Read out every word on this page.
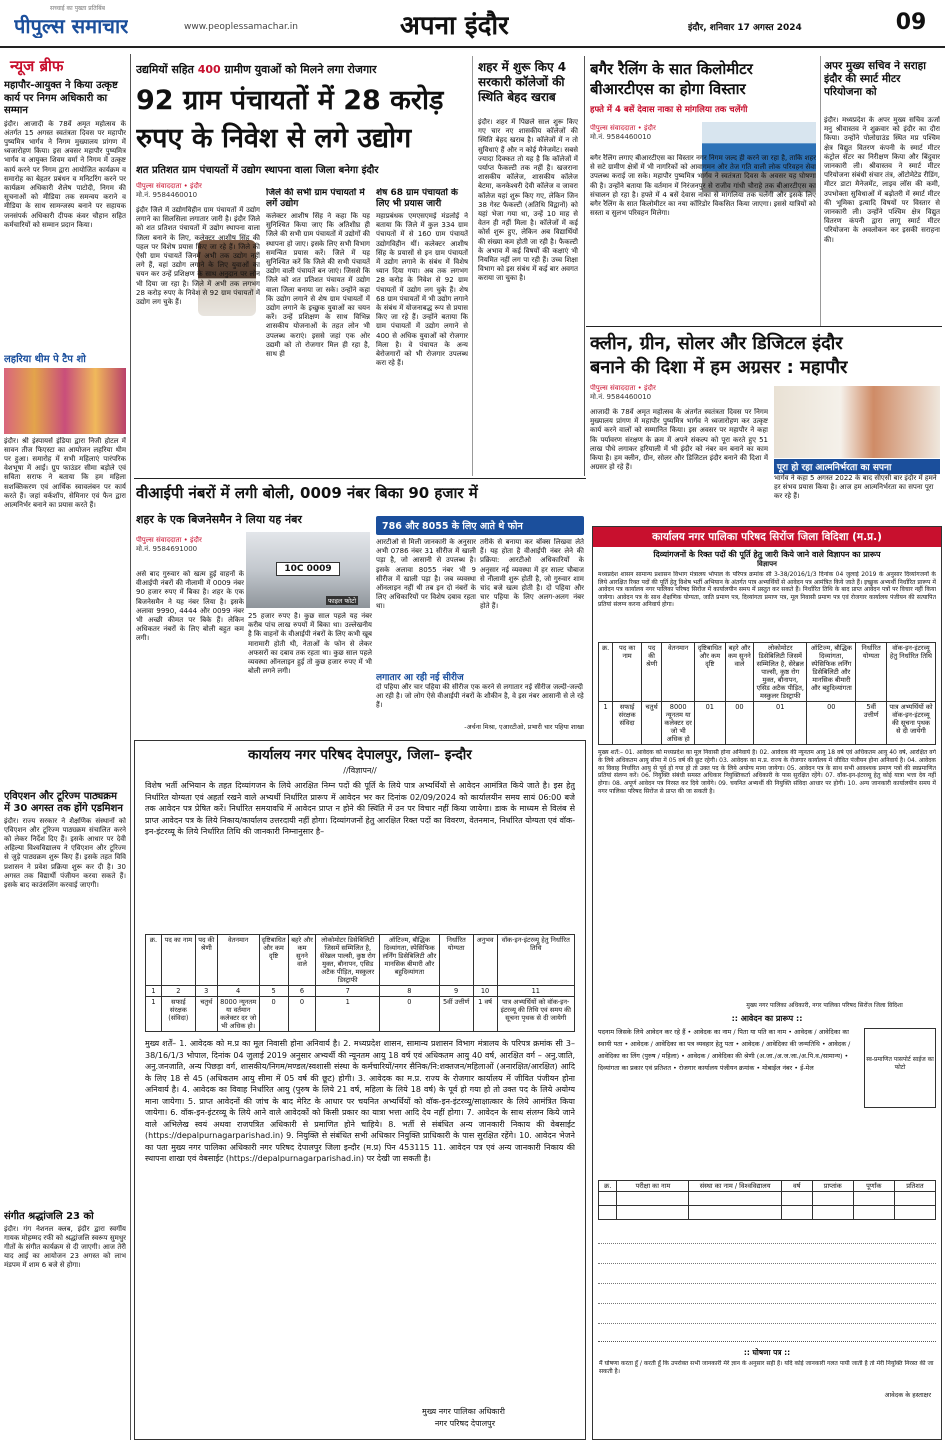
सच्चाई का पुख्ता प्रतिबिंब
पीपुल्स समाचार	www.peoplessamachar.in	अपना इंदौर	इंदौर, शनिवार 17 अगस्त 2024	09
न्यूज ब्रीफ
महापौर-आयुक्त ने किया उत्कृष्ट कार्य पर निगम अधिकारी का सम्मान
इंदौर। आजादी के 78वें अमृत महोत्सव के अंतर्गत 15 अगस्त स्वतंत्रता दिवस पर महापौर पुष्यमित्र भार्गव ने निगम मुख्यालय प्रांगण में ध्वजारोहण किया। इस अवसर महापौर पुष्यमित्र भार्गव व आयुक्त शिवम वर्मा ने निगम में उत्कृष्ट कार्य करने पर निगम द्वारा आयोजित कार्यक्रम व समारोह का बेहतर प्रबंधन व मनिटरिंग करने पर कार्यक्रम अधिकारी शैलेष पाटोदी, निगम की सूचनाओं को मीडिया तक समन्वय कराने व मीडिया के साथ सामन्जस्य बनाने पर सहायक जनसंपर्क अधिकारी दीपक कंवर चौहान सहित कर्मचारियों को सम्मान प्रदान किया।
लहरिया थीम पे टैप शो
इंदौर। श्री इंस्पायर्स इंडिया द्वारा निजी होटल में सावन तीज फिएस्टा का आयोजन लहरिया थीम पर हुआ। समारोह में सभी महिलाएं पारंपरिक वेशभूषा में आईं। ग्रुप फाउंडर सीमा बड़ोले एवं सविता सराफ ने बताया कि हम महिला सशक्तिकरण एवं आर्थिक स्वावलंबन पर कार्य करते हैं। जहां वर्कशॉप, सेमिनार एवं फैन द्वारा आत्मनिर्भर बनाने का प्रयास करते हैं।
एविएशन और टूरिज्म पाठ्यक्रम में 30 अगस्त तक होंगे एडमिशन
इंदौर। राज्य सरकार ने शैक्षणिक संस्थानों को एविएशन और टूरिज्म पाठ्यक्रम संचालित करने को लेकर निर्देश दिए हैं। इसके आधार पर देवी अहिल्या विश्वविद्यालय ने एविएशन और टूरिज्म से जुड़े पाठ्यक्रम शुरू किए हैं। इसके तहत विवि प्रशासन ने प्रवेश प्रक्रिया शुरू कर दी है। 30 अगस्त तक विद्यार्थी पंजीयन करवा सकते हैं। इसके बाद काउंसलिंग करवाई जाएगी।
संगीत श्रद्धांजलि 23 को
इंदौर। गंग नेशनल क्लब, इंदौर द्वारा स्वर्गीय गायक मोहम्मद रफी को श्रद्धांजलि स्वरूप सुमधुर गीतों के संगीत कार्यक्रम से दी जाएगी। आज तेरी याद आई का आयोजन 23 अगस्त को लाभ मंडपम में शाम 6 बजे से होगा।
उद्यमियों सहित 400 ग्रामीण युवाओं को मिलने लगा रोजगार
92 ग्राम पंचायतों में 28 करोड़
रुपए के निवेश से लगे उद्योग
शत प्रतिशत ग्राम पंचायतों में उद्योग स्थापना वाला जिला बनेगा इंदौर
पीपुल्स संवाददाता • इंदौर
मो.नं. 9584460010
इंदौर जिले में उद्योगविहीन ग्राम पंचायतों में उद्योग लगाने का सिलसिला लगातार जारी है। इंदौर जिले को शत प्रतिशत पंचायतों में उद्योग स्थापना वाला जिला बनाने के लिए, कलेक्टर आशीष सिंह की पहल पर विशेष प्रयास किए जा रहे हैं। जिले की ऐसी ग्राम पंचायतें जिनमें अभी तक उद्योग नहीं लगे हैं, वहां उद्योग लगाने के लिए युवाओं का चयन कर उन्हें प्रशिक्षण के साथ अनुदान पर लोन भी दिया जा रहा है। जिले में अभी तक लगभग 28 करोड़ रुपए के निवेश से 92 ग्राम पंचायतों में उद्योग लग चुके हैं।
जिले की सभी ग्राम पंचायतों में लगें उद्योग
कलेक्टर आशीष सिंह ने कहा कि यह सुनिश्चित किया जाए कि अतिशीघ्र ही जिले की सभी ग्राम पंचायतों में उद्योगों की स्थापना हो जाए। इसके लिए सभी विभाग समन्वित प्रयास करें। जिले में यह सुनिश्चित करें कि जिले की सभी पंचायतें उद्योग वाली पंचायतें बन जाएं। जिससे कि जिले को शत प्रतिशत पंचायत में उद्योग वाला जिला बनाया जा सके। उन्होंने कहा कि उद्योग लगाने से शेष ग्राम पंचायतों में उद्योग लगाने के इच्छुक युवाओं का चयन करें। उन्हें प्रशिक्षण के साथ विभिन्न शासकीय योजनाओं के तहत लोन भी उपलब्ध कराएं। इससे जहां एक ओर उद्यमी को तो रोजगार मिल ही रहा है, साथ ही
शेष 68 ग्राम पंचायतों के लिए भी प्रयास जारी
महाप्रबंधक एमएसएमई मंडलोई ने बताया कि जिले में कुल 334 ग्राम पंचायतों में से 160 ग्राम पंचायतें उद्योगविहीन थीं। कलेक्टर आशीष सिंह के प्रयासों से इन ग्राम पंचायतों में उद्योग लगाने के संबंध में विशेष ध्यान दिया गया। अब तक लगभग 28 करोड़ के निवेश से 92 ग्राम पंचायतों में उद्योग लग चुके हैं। शेष 68 ग्राम पंचायतों में भी उद्योग लगाने के संबंध में योजनाबद्ध रूप से प्रयास किए जा रहे हैं। उन्होंने बताया कि ग्राम पंचायतों में उद्योग लगाने से 400 से अधिक युवाओं को रोजगार मिला है। वे पंचायत के अन्य बेरोजगारों को भी रोजगार उपलब्ध करा रहे हैं।
शहर में शुरू किए 4 सरकारी कॉलेजों की स्थिति बेहद खराब
इंदौर। शहर में पिछले साल शुरू किए गए चार नए शासकीय कॉलेजों की स्थिति बेहद खराब है। कॉलेजों में न तो सुविधाएं हैं और न कोई मैनेजमेंट। सबसे ज्यादा दिक्कत तो यह है कि कॉलेजों में पर्याप्त फैकल्टी तक नहीं है। खजराना शासकीय कॉलेज, शासकीय कॉलेज बेटमा, कनकेश्वरी देवी कॉलेज व जावरा कॉलेज यहां शुरू किए गए, लेकिन जिन 38 गेस्ट फैकल्टी (अतिथि विद्वानों) को यहां भेजा गया था, उन्हें 10 माह से वेतन ही नहीं मिला है। कॉलेजों में कई कोर्स शुरू हुए, लेकिन अब विद्यार्थियों की संख्या कम होती जा रही है। फैकल्टी के अभाव में कई विषयों की कक्षाएं भी नियमित नहीं लग पा रही हैं। उच्च शिक्षा विभाग को इस संबंध में कई बार अवगत कराया जा चुका है।
बगैर रैलिंग के सात किलोमीटर
बीआरटीएस का होगा विस्तार
हफ्ते में 4 बसें देवास नाका से मांगलिया तक चलेंगी
पीपुल्स संवाददाता • इंदौर
मो.नं. 9584460010
बगैर रैलिंग लगाए बीआरटीएस का विस्तार नगर निगम जल्द ही करने जा रहा है, ताकि शहर से सटे ग्रामीण क्षेत्रों में भी नागरिकों को आवागमन और तेज गति वाली लोक परिवहन सेवा उपलब्ध कराई जा सके। महापौर पुष्यमित्र भार्गव ने स्वतंत्रता दिवस के अवसर यह घोषणा की है। उन्होंने बताया कि वर्तमान में निरंजनपुर से राजीव गांधी चौराहे तक बीआरटीएस का संचालन हो रहा है। हफ्ते में 4 बसें देवास नाका से मांगलिया तक चलेंगी और इसके लिए बगैर रैलिंग के सात किलोमीटर का नया कॉरिडोर विकसित किया जाएगा। इससे यात्रियों को सस्ता व सुलभ परिवहन मिलेगा।
अपर मुख्य सचिव ने सराहा इंदौर की स्मार्ट मीटर परियोजना को
इंदौर। मध्यप्रदेश के अपर मुख्य सचिव ऊर्जा मनु श्रीवास्तव ने शुक्रवार को इंदौर का दौरा किया। उन्होंने पोलोग्राउंड स्थित मप्र पश्चिम क्षेत्र विद्युत वितरण कंपनी के स्मार्ट मीटर कंट्रोल सेंटर का निरीक्षण किया और बिंदुवार जानकारी ली। श्रीवास्तव ने स्मार्ट मीटर परियोजना संबंधी संचार तंत्र, ऑटोमेटेड रीडिंग, मीटर डाटा मैनेजमेंट, लाइव लॉस की कमी, उपभोक्ता सुविधाओं में बढ़ोतरी में स्मार्ट मीटर की भूमिका इत्यादि विषयों पर विस्तार से जानकारी ली। उन्होंने पश्चिम क्षेत्र विद्युत वितरण कंपनी द्वारा लागू स्मार्ट मीटर परियोजना के अवलोकन कर इसकी सराहना की।
क्लीन, ग्रीन, सोलर और डिजिटल इंदौर
बनाने की दिशा में हम अग्रसर : महापौर
पीपुल्स संवाददाता • इंदौर
मो.नं. 9584460010
आजादी के 78वें अमृत महोत्सव के अंतर्गत स्वतंत्रता दिवस पर निगम मुख्यालय प्रांगण में महापौर पुष्यमित्र भार्गव ने ध्वजारोहण कर उत्कृष्ट कार्य करने वालों को सम्मानित किया। इस अवसर पर महापौर ने कहा कि पर्यावरण संरक्षण के क्रम में अपने संकल्प को पूरा करते हुए 51 लाख पौधे लगाकर हरियाली में भी इंदौर को नंबर वन बनाने का काम किया है। हम क्लीन, ग्रीन, सोलर और डिजिटल इंदौर बनाने की दिशा में अग्रसर हो रहे हैं।	पूरा हो रहा आत्मनिर्भरता का सपना
भार्गव ने कहा 5 अगस्त 2022 के बाद सीएसी बार इंदौर में हमने हर संभव प्रयास किया है। आज हम आत्मनिर्भरता का सपना पूरा कर रहे हैं।
वीआईपी नंबरों में लगी बोली, 0009 नंबर बिका 90 हजार में
शहर के एक बिजनेसमैन ने लिया यह नंबर
पीपुल्स संवाददाता • इंदौर
मो.नं. 9584691000
10C 0009
फाइल फोटो
असे बाद गुरुवार को खत्म हुई वाहनों के वीआईपी नंबरों की नीलामी में 0009 नंबर 90 हजार रुपए में बिका है। शहर के एक बिजनेसमैन ने यह नंबर लिया है। इसके अलावा 9990, 4444 और 0099 नंबर भी अच्छी कीमत पर बिके हैं। लेकिन अधिकतर नंबरों के लिए बोली बहुत कम लगी।
25 हजार रुपए है। कुछ साल पहले यह नंबर करीब पांच लाख रुपयों में बिका था। उल्लेखनीय है कि वाहनों के वीआईपी नंबरों के लिए कभी खूब मारामारी होती थी, नेताओं के फोन से लेकर अफसरों का दबाव तक रहता था। कुछ साल पहले व्यवस्था ऑनलाइन हुई तो कुछ हजार रुपए में भी बोली लगने लगी।
786 और 8055 के लिए आते थे फोन
आरटीओ से मिली जानकारी के अनुसार अभी 0786 नंबर 31 सीरीज में खाली पड़ा है, जो आसानी से उपलब्ध है। इसके अलावा 8055 नंबर भी 9 सीरीज में खाली पड़ा है। जब व्यवस्था ऑनलाइन नहीं थी तब इन दो नंबरों के लिए अधिकारियों पर विशेष दबाव रहता था।
तरीके से बनाया कर बॉक्स लिखवा लेते हैं। यह होता है वीआईपी नंबर लेने की प्रक्रिया: आरटीओ अधिकारियों के अनुसार नई व्यवस्था में हर साल्ट चौबाज से नीलामी शुरू होती है, जो गुरुवार शाम चांद बजे खत्म होती है। दो पहिया और चार पहिया के लिए अलग-अलग नंबर होते हैं।
लगातार आ रही नई सीरीज
दो पहिया और चार पहिया की सीरीज एक करने से लगातार नई सीरीज जल्दी-जल्दी आ रही है। जो लोग ऐसे वीआईपी नंबरों के शौकीन है, वे इस नंबर आसानी से ले रहे हैं।
-अर्चना मिश्रा, एआरटीओ, प्रभारी चार पहिया शाखा
कार्यालय नगर परिषद देपालपुर, जिला– इन्दौर
//विज्ञापन//
विशेष भर्ती अभियान के तहत दिव्यांगजन के लिये आरक्षित निम्न पदों की पूर्ति के लिये पात्र अभ्यर्थियों से आवेदन आमंत्रित किये जाते है। इस हेतु निर्धारित योग्यता एवं अहर्ता रखने वाले अभ्यर्थी निर्धारित प्रारूप में आवेदन भर कर दिनांक 02/09/2024 को कार्यालयीन समय सायं 06:00 बजे तक आवेदन पत्र प्रेषित करें। निर्धारित समयावधि में आवेदन प्राप्त न होने की स्थिति में उन पर विचार नहीं किया जायेगा। डाक के माध्यम से विलंब से प्राप्त आवेदन पत्र के लिये निकाय/कार्यालय उत्तरदायी नहीं होगा। दिव्यांगजनों हेतु आरक्षित रिक्त पदों का विवरण, वेतनमान, निर्धारित योग्यता एवं वॉक-इन-इंटरव्यू के लिये निर्धारित तिथि की जानकारी निम्नानुसार है–
क्र.	पद का नाम	पद की श्रेणी	वेतनमान	दृष्टिबाधित और कम दृष्टि	बहरे और कम सुनने वाले	लोकोमोटर डिसेबिलिटी जिसमें सम्मिलित है, सेरेब्रल पाल्सी, कुष्ठ रोग मुक्त, बौनापन, एसिड अटैक पीड़ित, मस्कुलर डिस्ट्राफी	ऑटिज्म, बौद्धिक दिव्यांगता, स्पेसिफिक लर्निंग डिसेबिलिटी और मानसिक बीमारी और बहुदिव्यांगता	निर्धारित योग्यता	अनुभव	वॉक-इन-इंटरव्यू हेतु निर्धारित तिथि
1	2	3	4	5	6	7	8	9	10	11
1	सफाई संरक्षक (संविदा)	चतुर्थ	8000 न्यूनतम या वर्तमान कलेक्टर दर जो भी अधिक हो।	0	0	1	0	5वीं उत्तीर्ण	1 वर्ष	पात्र अभ्यर्थियों को वॉक-इन-इंटरव्यू की तिथि एवं समय की सूचना पृथक से दी जायेगी
मुख्य शर्तें– 1. आवेदक को म.प्र का मूल निवासी होना अनिवार्य है। 2. मध्यप्रदेश शासन, सामान्य प्रशासन विभाग मंत्रालय के परिपत्र क्रमांक सी 3–38/16/1/3 भोपाल, दिनांक 04 जुलाई 2019 अनुसार अभ्यर्थी की न्यूनतम आयु 18 वर्ष एवं अधिकतम आयु 40 वर्ष, आरक्षित वर्ग – अनु.जाति, अनु.जनजाति, अन्य पिछड़ा वर्ग, शासकीय/निगम/मण्डल/स्वशासी संस्था के कर्मचारियों/नगर सैनिक/नि:शक्तजन/महिलाओं (अनारक्षित/आरक्षित) आदि के लिए 18 से 45 (अधिकतम आयु सीमा में 05 वर्ष की छूट) होगी। 3. आवेदक का म.प्र. राज्य के रोजगार कार्यालय में जीवित पंजीयन होना अनिवार्य है। 4. आवेदक का विवाह निर्धारित आयु (पुरुष के लिये 21 वर्ष, महिला के लिये 18 वर्ष) के पूर्व हो गया हो तो उक्त पद के लिये अयोग्य माना जायेगा। 5. प्राप्त आवेदनों की जांच के बाद मेरिट के आधार पर चयनित अभ्यर्थियों को वॉक-इन-इंटरव्यू/साक्षात्कार के लिये आमंत्रित किया जायेगा। 6. वॉक-इन-इंटरव्यू के लिये आने वाले आवेदकों को किसी प्रकार का यात्रा भत्ता आदि देय नहीं होगा। 7. आवेदन के साथ संलग्न किये जाने वाले अभिलेख स्वयं अथवा राजपत्रित अधिकारी से प्रमाणित होने चाहिये। 8. भर्ती से संबंधित अन्य जानकारी निकाय की वेबसाईट (https://depalpurnagarparishad.in) 9. नियुक्ति से संबंधित सभी अधिकार नियुक्ति प्राधिकारी के पास सुरक्षित रहेंगे। 10. आवेदन भेजने का पता मुख्य नगर पालिका अधिकारी नगर परिषद देपालपुर जिला इन्दौर (म.प्र) पिन 453115 11. आवेदन पत्र एवं अन्य जानकारी निकाय की स्थापना शाखा एवं वेबसाईट (https://depalpurnagarparishad.in) पर देखी जा सकती है।
मुख्य नगर पालिका अधिकारी
नगर परिषद देपालपुर
कार्यालय नगर पालिका परिषद सिरोंज जिला विदिशा (म.प्र.)
दिव्यांगजनों के रिक्त पदों की पूर्ति हेतु जारी किये जाने वाले विज्ञापन का प्रारूप
विज्ञापन
मध्यप्रदेश शासन सामान्य प्रशासन विभाग मंत्रालय भोपाल के परिपत्र क्रमांक सी 3-38/2016/1/3 दिनांक 04 जुलाई 2019 के अनुसार दिव्यांगजनों के लिये आरक्षित रिक्त पदों की पूर्ति हेतु विशेष भर्ती अभियान के अंतर्गत पात्र अभ्यर्थियों से आवेदन पत्र आमंत्रित किये जाते हैं। इच्छुक अभ्यर्थी निर्धारित प्रारूप में आवेदन पत्र कार्यालय नगर पालिका परिषद सिरोंज में कार्यालयीन समय में प्रस्तुत कर सकते हैं। निर्धारित तिथि के बाद प्राप्त आवेदन पत्रों पर विचार नहीं किया जायेगा। आवेदन पत्र के साथ शैक्षणिक योग्यता, जाति प्रमाण पत्र, दिव्यांगता प्रमाण पत्र, मूल निवासी प्रमाण पत्र एवं रोजगार कार्यालय पंजीयन की सत्यापित प्रतियां संलग्न करना अनिवार्य होगा।
क्र.	पद का नाम	पद की श्रेणी	वेतनमान	दृष्टिबाधित और कम दृष्टि	बहरे और कम सुनने वाले	लोकोमोटर डिसेबिलिटी जिसमें सम्मिलित है, सेरेब्रल पाल्सी, कुष्ठ रोग मुक्त, बौनापन, एसिड अटैक पीड़ित, मस्कुलर डिस्ट्राफी	ऑटिज्म, बौद्धिक दिव्यांगता, स्पेसिफिक लर्निंग डिसेबिलिटी और मानसिक बीमारी और बहुदिव्यांगता	निर्धारित योग्यता	वॉक-इन-इंटरव्यू हेतु निर्धारित तिथि
1	सफाई संरक्षक संविदा	चतुर्थ	8000 न्यूनतम या कलेक्टर दर जो भी अधिक हो	01	00	01	00	5वीं उत्तीर्ण	पात्र अभ्यर्थियों को वॉक-इन-इंटरव्यू की सूचना पृथक से दी जायेगी
मुख्य शर्तें:– 01. आवेदक को मध्यप्रदेश का मूल निवासी होना अनिवार्य है। 02. आवेदक की न्यूनतम आयु 18 वर्ष एवं अधिकतम आयु 40 वर्ष, आरक्षित वर्ग के लिये अधिकतम आयु सीमा में 05 वर्ष की छूट रहेगी। 03. आवेदक का म.प्र. राज्य के रोजगार कार्यालय में जीवित पंजीयन होना अनिवार्य है। 04. आवेदक का विवाह निर्धारित आयु से पूर्व हो गया हो तो उक्त पद के लिये अयोग्य माना जायेगा। 05. आवेदन पत्र के साथ सभी आवश्यक प्रमाण पत्रों की स्वप्रमाणित प्रतियां संलग्न करें। 06. नियुक्ति संबंधी समस्त अधिकार नियुक्तिकर्ता अधिकारी के पास सुरक्षित रहेंगे। 07. वॉक-इन-इंटरव्यू हेतु कोई यात्रा भत्ता देय नहीं होगा। 08. अपूर्ण आवेदन पत्र निरस्त कर दिये जायेंगे। 09. चयनित अभ्यर्थी की नियुक्ति संविदा आधार पर होगी। 10. अन्य जानकारी कार्यालयीन समय में नगर पालिका परिषद सिरोंज से प्राप्त की जा सकती है।
मुख्य नगर पालिका अधिकारी, नगर पालिका परिषद सिरोंज जिला विदिशा
:: आवेदन का प्रारूप ::
पदनाम जिसके लिये आवेदन कर रहे हैं • आवेदक का नाम / पिता या पति का नाम • आवेदक / आवेदिका का स्थायी पता • आवेदक / आवेदिका का पत्र व्यवहार हेतु पता • आवेदक / आवेदिका की जन्मतिथि • आवेदक / आवेदिका का लिंग (पुरुष / महिला) • आवेदक / आवेदिका की श्रेणी (अ.जा./अ.ज.जा./अ.पि.व./सामान्य) • दिव्यांगता का प्रकार एवं प्रतिशत • रोजगार कार्यालय पंजीयन क्रमांक • मोबाईल नंबर • ई-मेल
स्व-प्रमाणित पासपोर्ट साईज का फोटो
क्र.	परीक्षा का नाम	संस्था का नाम / विश्वविद्यालय	वर्ष	प्राप्तांक	पूर्णांक	प्रतिशत

:: घोषणा पत्र ::
मैं घोषणा करता हूँ / करती हूँ कि उपरोक्त सभी जानकारी मेरे ज्ञान के अनुसार सही है। यदि कोई जानकारी गलत पायी जाती है तो मेरी नियुक्ति निरस्त की जा सकती है।
आवेदक के हस्ताक्षर
